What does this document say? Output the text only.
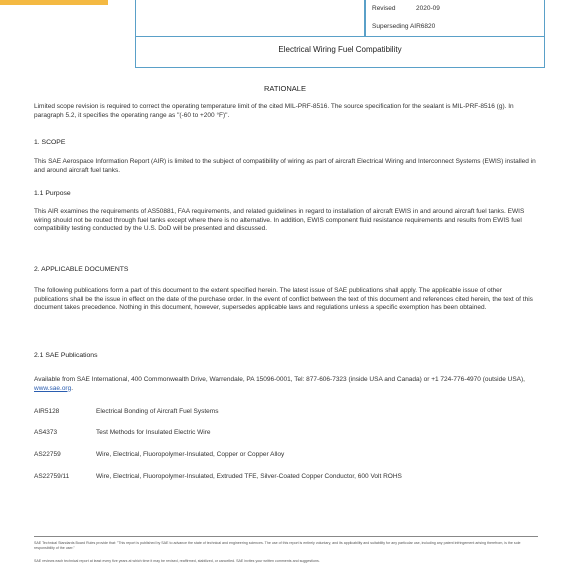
Revised	2020-09
Superseding AIR6820
Electrical Wiring Fuel Compatibility
RATIONALE
Limited scope revision is required to correct the operating temperature limit of the cited MIL-PRF-8516. The source specification for the sealant is MIL-PRF-8516 (g). In paragraph 5.2, it specifies the operating range as "(-60 to +200 °F)".
1. SCOPE
This SAE Aerospace Information Report (AIR) is limited to the subject of compatibility of wiring as part of aircraft Electrical Wiring and Interconnect Systems (EWIS) installed in and around aircraft fuel tanks.
1.1 Purpose
This AIR examines the requirements of AS50881, FAA requirements, and related guidelines in regard to installation of aircraft EWIS in and around aircraft fuel tanks. EWIS wiring should not be routed through fuel tanks except where there is no alternative. In addition, EWIS component fluid resistance requirements and results from EWIS fuel compatibility testing conducted by the U.S. DoD will be presented and discussed.
2. APPLICABLE DOCUMENTS
The following publications form a part of this document to the extent specified herein. The latest issue of SAE publications shall apply. The applicable issue of other publications shall be the issue in effect on the date of the purchase order. In the event of conflict between the text of this document and references cited herein, the text of this document takes precedence. Nothing in this document, however, supersedes applicable laws and regulations unless a specific exemption has been obtained.
2.1 SAE Publications
Available from SAE International, 400 Commonwealth Drive, Warrendale, PA 15096-0001, Tel: 877-606-7323 (inside USA and Canada) or +1 724-776-4970 (outside USA), www.sae.org.
AIR5128	Electrical Bonding of Aircraft Fuel Systems
AS4373	Test Methods for Insulated Electric Wire
AS22759	Wire, Electrical, Fluoropolymer-Insulated, Copper or Copper Alloy
AS22759/11	Wire, Electrical, Fluoropolymer-Insulated, Extruded TFE, Silver-Coated Copper Conductor, 600 Volt ROHS
SAE Technical Standards Board Rules provide that: "This report is published by SAE to advance the state of technical and engineering sciences. The use of this report is entirely voluntary, and its applicability and suitability for any particular use, including any patent infringement arising therefrom, is the sole responsibility of the user."
SAE reviews each technical report at least every five years at which time it may be revised, reaffirmed, stabilized, or cancelled. SAE invites your written comments and suggestions.
